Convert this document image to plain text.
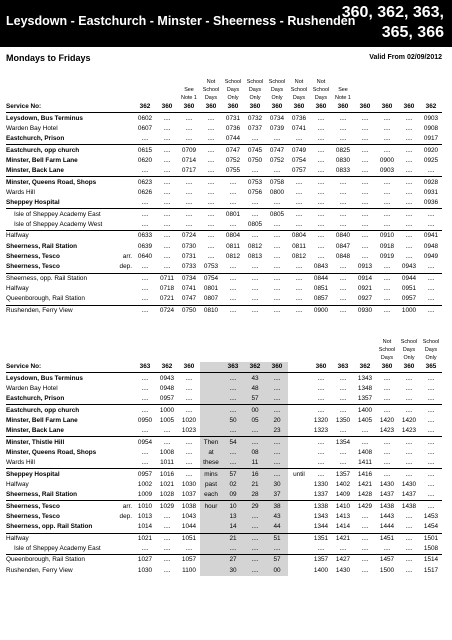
Leysdown - Eastchurch - Minster - Sheerness - Rushenden
360, 362, 363,
365, 366
Mondays to Fridays	Valid From 02/09/2012
				See Note 1	Not School Days	School Days Only	School Days Only	School Days Only	Not School Days	Not School Days	See Note 1				
Service No:		362	360	360	360	360	360	360	360	360	360	360	360	360	362
Leysdown, Bus Terminus		0602	....	....	....	0731	0732	0734	0736	....	....	....	....	....	0903
Warden Bay Hotel		0607	....	....	....	0736	0737	0739	0741	....	....	....	....	....	0908
Eastchurch, Prison		....	....	....	....	0744	....	....	....	....	....	....	....	....	0917
Eastchurch, opp church		0615	....	0709	....	0747	0745	0747	0749	....	0825	....	....	....	0920
Minster, Bell Farm Lane		0620	....	0714	....	0752	0750	0752	0754	....	0830	....	0900	....	0925
Minster, Back Lane		....	....	0717	....	0755	....	....	0757	....	0833	....	0903	....	....
Minster, Queens Road, Shops		0623	....	....	....	....	0753	0758	....	....	....	....	....	....	0928
Wards Hill		0626	....	....	....	....	0756	0800	....	....	....	....	....	....	0931
Sheppey Hospital		....	....	....	....	....	....	....	....	....	....	....	....	....	0936
Isle of Sheppey Academy East		....	....	....	....	0801	....	0805	....	....	....	....	....	....	....
Isle of Sheppey Academy West		....	....	....	....	....	0805	....	....	....	....	....	....	....	....
Halfway		0633	....	0724	....	0804	....	....	0804	....	0840	....	0910	....	0941
Sheerness, Rail Station		0639	....	0730	....	0811	0812	....	0811	....	0847	....	0918	....	0948
Sheerness, Tesco	arr.	0640	....	0731	....	0812	0813	....	0812	....	0848	....	0919	....	0949
Sheerness, Tesco	dep.	....	....	0733	0753	....	....	....	....	0843	....	0913	....	0943	....
Sheerness, opp. Rail Station		....	0711	0734	0754	....	....	....	....	0844	....	0914	....	0944	....
Halfway		....	0718	0741	0801	....	....	....	....	0851	....	0921	....	0951	....
Queenborough, Rail Station		....	0721	0747	0807	....	....	....	....	0857	....	0927	....	0957	....
Rushenden, Ferry View		....	0724	0750	0810	....	....	....	....	0900	....	0930	....	1000	....
													Not School Days	School Days Only	School Days Only
Service No:		363	362	360		363	362	360		360	363	362	360	360	365
Leysdown, Bus Terminus		....	0943	....		....	43	....		....	....	1343	....	....	....
Warden Bay Hotel		....	0948	....		....	48	....		....	....	1348	....	....	....
Eastchurch, Prison		....	0957	....		....	57	....		....	....	1357	....	....	....
Eastchurch, opp church		....	1000	....		....	00	....		....	....	1400	....	....	....
Minster, Bell Farm Lane		0950	1005	1020		50	05	20		1320	1350	1405	1420	1420	....
Minster, Back Lane		....	....	1023		....	....	23		1323	....	....	1423	1423	....
Minster, Thistle Hill		0954	....	....	Then	54	....	....		....	1354	....	....	....	....
Minster, Queens Road, Shops		....	1008	....	at	....	08	....		....	....	1408	....	....	....
Wards Hill		....	1011	....	these	....	11	....		....	....	1411	....	....	....
Sheppey Hospital		0957	1016	....	mins	57	16	....	until	....	1357	1416	....	....	....
Halfway		1002	1021	1030	past	02	21	30		1330	1402	1421	1430	1430	....
Sheerness, Rail Station		1009	1028	1037	each	09	28	37		1337	1409	1428	1437	1437	....
Sheerness, Tesco	arr.	1010	1029	1038	hour	10	29	38		1338	1410	1429	1438	1438	....
Sheerness, Tesco	dep.	1013	....	1043		13	....	43		1343	1413	....	1443	....	1453
Sheerness, opp. Rail Station		1014	....	1044		14	....	44		1344	1414	....	1444	....	1454
Halfway		1021	....	1051		21	....	51		1351	1421	....	1451	....	1501
Isle of Sheppey Academy East		....	....	....		....	....	....		....	....	....	....	....	1508
Queenborough, Rail Station		1027	....	1057		27	....	57		1357	1427	....	1457	....	1514
Rushenden, Ferry View		1030	....	1100		30	....	00		1400	1430	....	1500	....	1517
